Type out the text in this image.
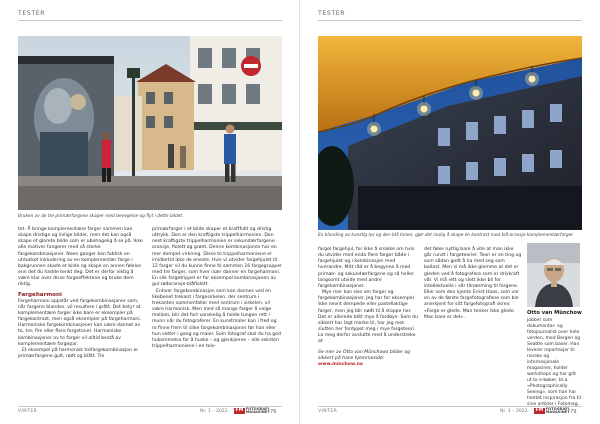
TESTER
Bruken av de tre primærfargene skaper med bevegelse og flyt i dette bildet.

tet. Å bringe komplementære farger sammen kan skape dristige og livlige bilder, men det kan også skape et glorete bilde som er ubehagelig å se på. Ikke alle motiver fungerer med så sterke fargekombinasjoner. Noen ganger kan faktisk en utdukket inkludering av en komplementær farge i bakgrunnen skade et bilde og skape en annen følelse enn det du hadde tenkt deg. Det er derfor viktig å være klar over disse fargeeffektene og bruke dem riktig.

Fargeharmoni

Fargeharmoni oppstår ved fargekombinasjoner som, når fargene blandes, vil resultere i grått. Det betyr at komplementære farger ikke bare er eksempler på fargekontrast, men også eksempler på fargeharmoni. Harmoniske fargekombinasjoner kan være dannet av to, tre, fire eller flere fargetoner. Harmoniske kombinasjoner av to farger vil alltid bestå av komplementære fargepar.

Et eksempel på harmonisk trefargekombinasjon er primærfargene gult, rødt og blått. Tre

primærfarger i et bilde skaper et kraftfullt og dristig uttrykk. Den er den kraftigste trippelharmonien. Den nest kraftigste trippelharmonien er sekundærfargene oransje, fiolett og grønt. Denne kombinasjonen har en mer dempet virkning. Disse to trippelharmoniene er imidlertid ikke de eneste. Hvis vi utvider fargehjulet til 12 farger vil du kunne finne til sammen 16 fargegrupper med tre farger, som hver især danner en fargeharmoni. En slik fargetrippel er for eksempel kombinasjonen av gul-rødoransje-blåfiolett.

Enhver fargekombinasjon som kan dannes ved en likebenet trekant i fargesirkelen, der sentrum i trekanten sammenfaller med sentrum i sirkelen, vil være harmonisk. Men med så mange farger å velge mellom, blir det fort vanskelig å holde tungen rett i munn når du fotograferer. En kunstmaler kan i fred og ro finne frem til slike fargekombinasjoner før han eller hun setter i gang og maler. Som fotograf skal du ha god hukommelse for å huske – og gjenkjenne – alle seksten trippelharmoniene i en tolv-

VINTER	Nr. 1 – 2022	FM FOTOGRAFI
MAGASINET 76
TESTER
En blanding av kunstig lys og den blå timen, gjør det mulig å skape en kontrast med blå-oransje komplementærfarger.

fargel fargehjul, for ikke å snakke om hvis du utvider med enda flere farger både i fargehjulet og i kombinasjon med hverandre. Mitt råd er å begynne å med primær- og sekundærfargene og så heller langsomt utvide med andre fargekombinasjoner.

Mye mer kan sies om farger og fargekombinasjoner. Jeg har for eksempel ikke nevnt dempede eller pastellaktige farger, men jeg blir nødt til å stoppe her. Det er allerede blitt mye å fordøye. Som du sikkert har lagt merke til, har jeg mot slutten her fordypet meg i mye fargeteori. La meg derfor avslutte med å understreke at

Se mer av Otto van Münchows bilder og sikkert på hans hjemmeside:

www.minchow.no

det føles nyttig bare å vite at man ikke går rundt i fargeteorier. Teori er en ting og som sådan godt å ha med seg som ballast. Men vi må ikke glemme at det er gleden ved å fotografere som er drivkraft vår. Vi må rett og slett ikke bli for intellektuelle i vår tilnærming til fargene. Eller som den kjente Ernst Haas, som var en av de første fargefotografene som ble anerkjent for sitt fargefotografi skrev: «Farge er glede. Man tenker ikke glede. Man bare er det».

Otto van Münchow
jobber som dokumentar- og fotojournalist over hele verden, med Bergen og Seattle som baser. Han leverer reportasjer til norske og internasjonale magasiner, holder workshops og har gitt ut to e-bøker, bl.a. «Photographically Seeing», som han har hentet inspirasjon fra til sine artikler i Fotomag.
VINTER	Nr. 1 – 2022	FM FOTOGRAFI
MAGASINET 79
